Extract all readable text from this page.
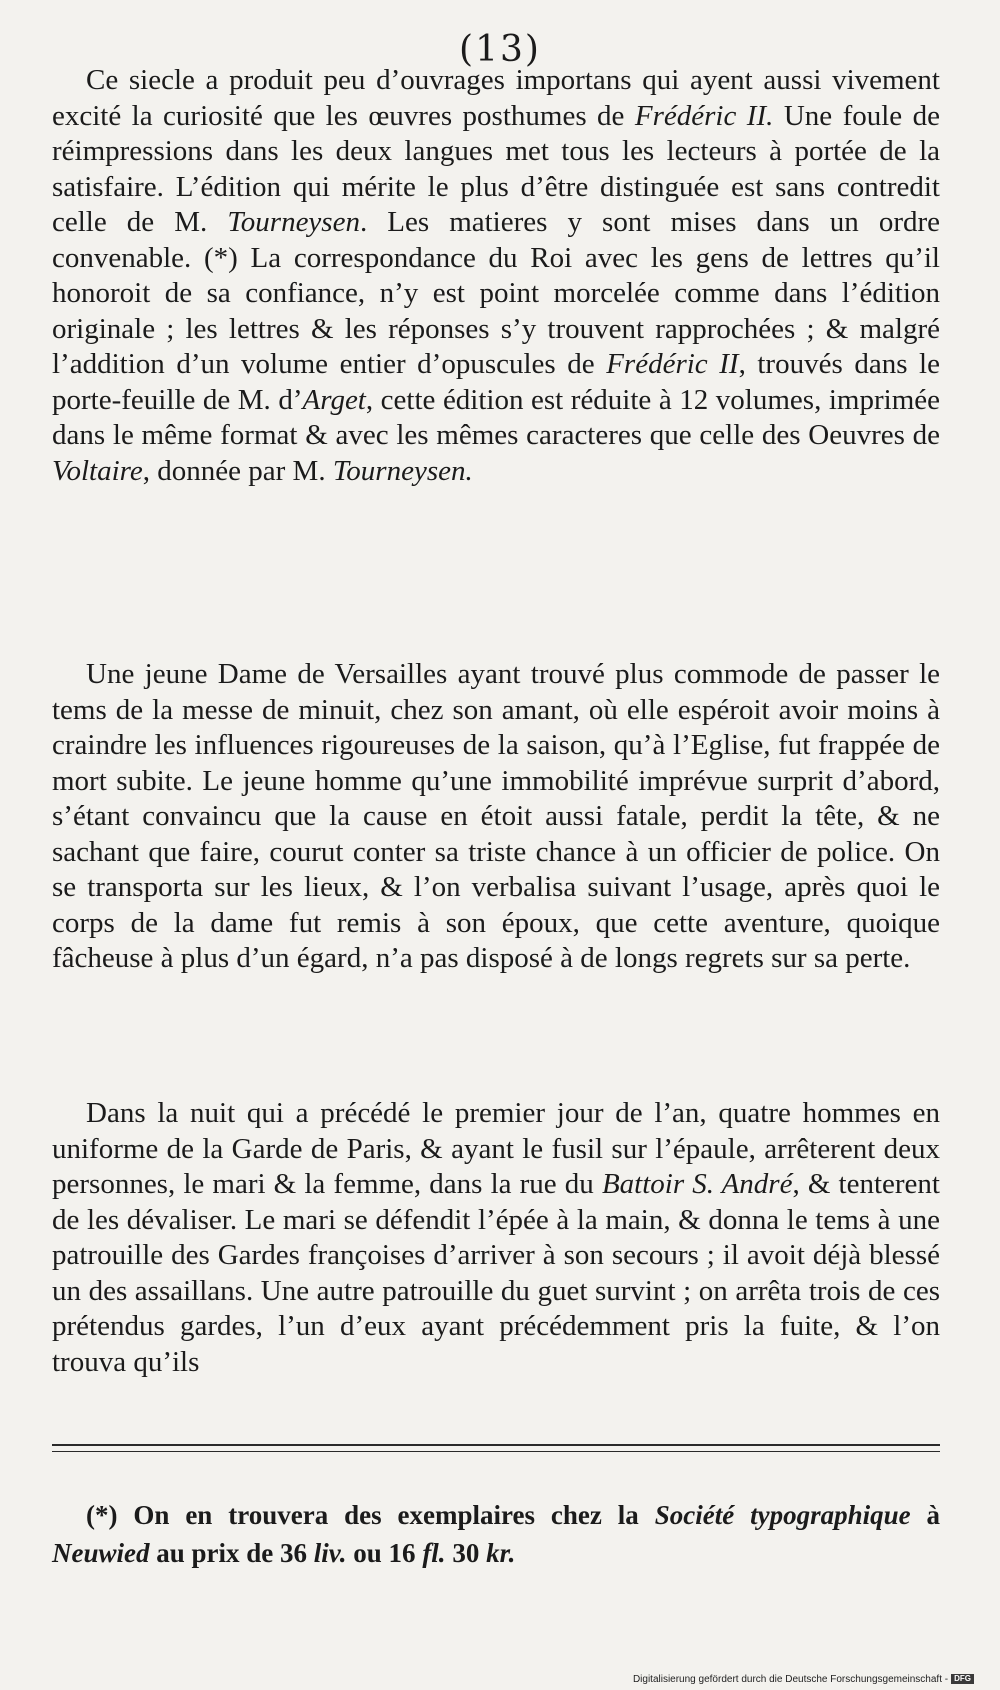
(13)

Ce siecle a produit peu d’ouvrages importans qui ayent aussi vivement excité la curiosité que les œuvres posthumes de Frédéric II. Une foule de réimpressions dans les deux langues met tous les lecteurs à portée de la satisfaire. L’édition qui mérite le plus d’être distinguée est sans contredit celle de M. Tourneysen. Les matieres y sont mises dans un ordre convenable. (*) La correspondance du Roi avec les gens de lettres qu’il honoroit de sa confiance, n’y est point morcelée comme dans l’édition originale ; les lettres & les réponses s’y trouvent rapprochées ; & malgré l’addition d’un volume entier d’opuscules de Frédéric II, trouvés dans le porte-feuille de M. d’Arget, cette édition est réduite à 12 volumes, imprimée dans le même format & avec les mêmes caracteres que celle des Oeuvres de Voltaire, donnée par M. Tourneysen.

Une jeune Dame de Versailles ayant trouvé plus commode de passer le tems de la messe de minuit, chez son amant, où elle espéroit avoir moins à craindre les influences rigoureuses de la saison, qu’à l’Eglise, fut frappée de mort subite. Le jeune homme qu’une immobilité imprévue surprit d’abord, s’étant convaincu que la cause en étoit aussi fatale, perdit la tête, & ne sachant que faire, courut conter sa triste chance à un officier de police. On se transporta sur les lieux, & l’on verbalisa suivant l’usage, après quoi le corps de la dame fut remis à son époux, que cette aventure, quoique fâcheuse à plus d’un égard, n’a pas disposé à de longs regrets sur sa perte.

Dans la nuit qui a précédé le premier jour de l’an, quatre hommes en uniforme de la Garde de Paris, & ayant le fusil sur l’épaule, arrêterent deux personnes, le mari & la femme, dans la rue du Battoir S. André, & tenterent de les dévaliser. Le mari se défendit l’épée à la main, & donna le tems à une patrouille des Gardes françoises d’arriver à son secours ; il avoit déjà blessé un des assaillans. Une autre patrouille du guet survint ; on arrêta trois de ces prétendus gardes, l’un d’eux ayant précédemment pris la fuite, & l’on trouva qu’ils

(*) On en trouvera des exemplaires chez la Société typographique à Neuwied au prix de 36 liv. ou 16 fl. 30 kr.

Digitalisierung gefördert durch die Deutsche Forschungsgemeinschaft - DFG
